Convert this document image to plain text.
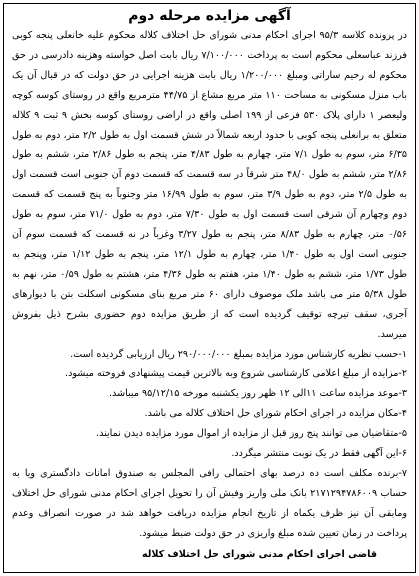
آگهی مزایده مرحله دوم

در پرونده کلاسه ۹۵/۳ اجرای احکام مدنی شورای حل اختلاف کلاله محکوم علیه خانعلی پنجه کوبی فرزند عباسعلی محکوم است به پرداخت ۷/۱۰۰/۰۰۰ ریال بابت اصل خواسته وهزینه دادرسی در حق محکوم له رحیم ساراتی ومبلغ ۱/۲۰۰/۰۰۰ ریال بابت هزینه اجرایی در حق دولت که در قبال آن یک باب منزل مسکونی به مساحت ۱۱۰ متر مربع مشاع از ۴۴/۷۵ مترمربع واقع در روستای کوسه کوچه ولیعصر ۱ دارای پلاک ۵۳۰ فرعی از ۱۹۹ اصلی واقع در اراضی روستای کوسه بخش ۹ ثبت ۹ کلاله متعلق به برانعلی پنجه کوبی با حدود اربعه شمالاً در شش قسمت اول به طول ۲/۲ متر، دوم به طول ۶/۳۵ متر، سوم به طول ۷/۱ متر، چهارم به طول ۴/۸۳ متر، پنجم به طول ۲/۸۶ متر، ششم به طول ۲/۸۶ متر، ششم به طول ۴۸/۰ متر شرقاً در سه قسمت که قسمت دوم آن جنوبی است قسمت اول به طول ۲/۵ متر، دوم به طول ۳/۹ متر، سوم به طول ۱۶/۹۹ متر وجنوباً به پنج قسمت که قسمت دوم وچهارم آن شرقی است قسمت اول به طول ۷/۳۰ متر، دوم به طول ۷۱/۰ متر، سوم به طول ۰/۵۶ متر، چهارم به طول ۸/۸۳ متر، پنجم به طول ۳/۲۷ وغرباً در نه قسمت که قسمت سوم آن جنوبی است اول به طول ۱/۴۰ متر، چهارم به طول ۱۲/۱ متر، پنجم به طول ۱/۱۲ متر، وپنجم به طول ۱/۷۳ متر، ششم به طول ۱/۴۰ متر، هفتم به طول ۴/۳۶ متر، هشتم به طول ۰/۵۹ متر، نهم به طول ۵/۳۸ متر می باشد ملک موصوف دارای ۶۰ متر مربع بنای مسکونی اسکلت بتن با دیوارهای آجری، سقف تیرچه توقیف گردیده است که از طریق مزایده دوم حضوری بشرح ذیل بفروش میرسد.

۱-حسب نظریه کارشناس مورد مزایده بمبلغ ۲۹۰/۰۰۰/۰۰۰ ریال ارزیابی گردیده است.
۲-مزایده از مبلغ اعلامی کارشناسی شروع وبه بالاترین قیمت پیشنهادی فروخته میشود.
۳-موعد مزایده ساعت ۱۱الی ۱۲ ظهر روز یکشنبه مورخه ۹۵/۱۲/۱۵ میباشد.
۴-مکان مزایده در اجرای احکام شورای حل اختلاف کلاله می باشد.
۵-متقاضیان می توانند پنج روز قبل از مزایده از اموال مورد مزایده دیدن نمایند.
۶-این آگهی فقط در یک نوبت منتشر میگردد.
۷-برنده مکلف است ده درصد بهای احتمالی رافی المجلس به صندوق امانات دادگستری ویا به حساب ۲۱۷۱۲۹۴۷۸۶۰۰۹ بانک ملی واریز وفیش آن را تحویل اجرای احکام مدنی شورای حل اختلاف ومابقی آن نیز ظرف یکماه از تاریخ انجام مزایده دریافت خواهد شد در صورت انصراف وعدم پرداخت در زمان تعیین شده مبلغ واریزی در حق دولت ضبط میشود.
قاضی اجرای احکام مدنی شورای حل اختلاف کلاله
